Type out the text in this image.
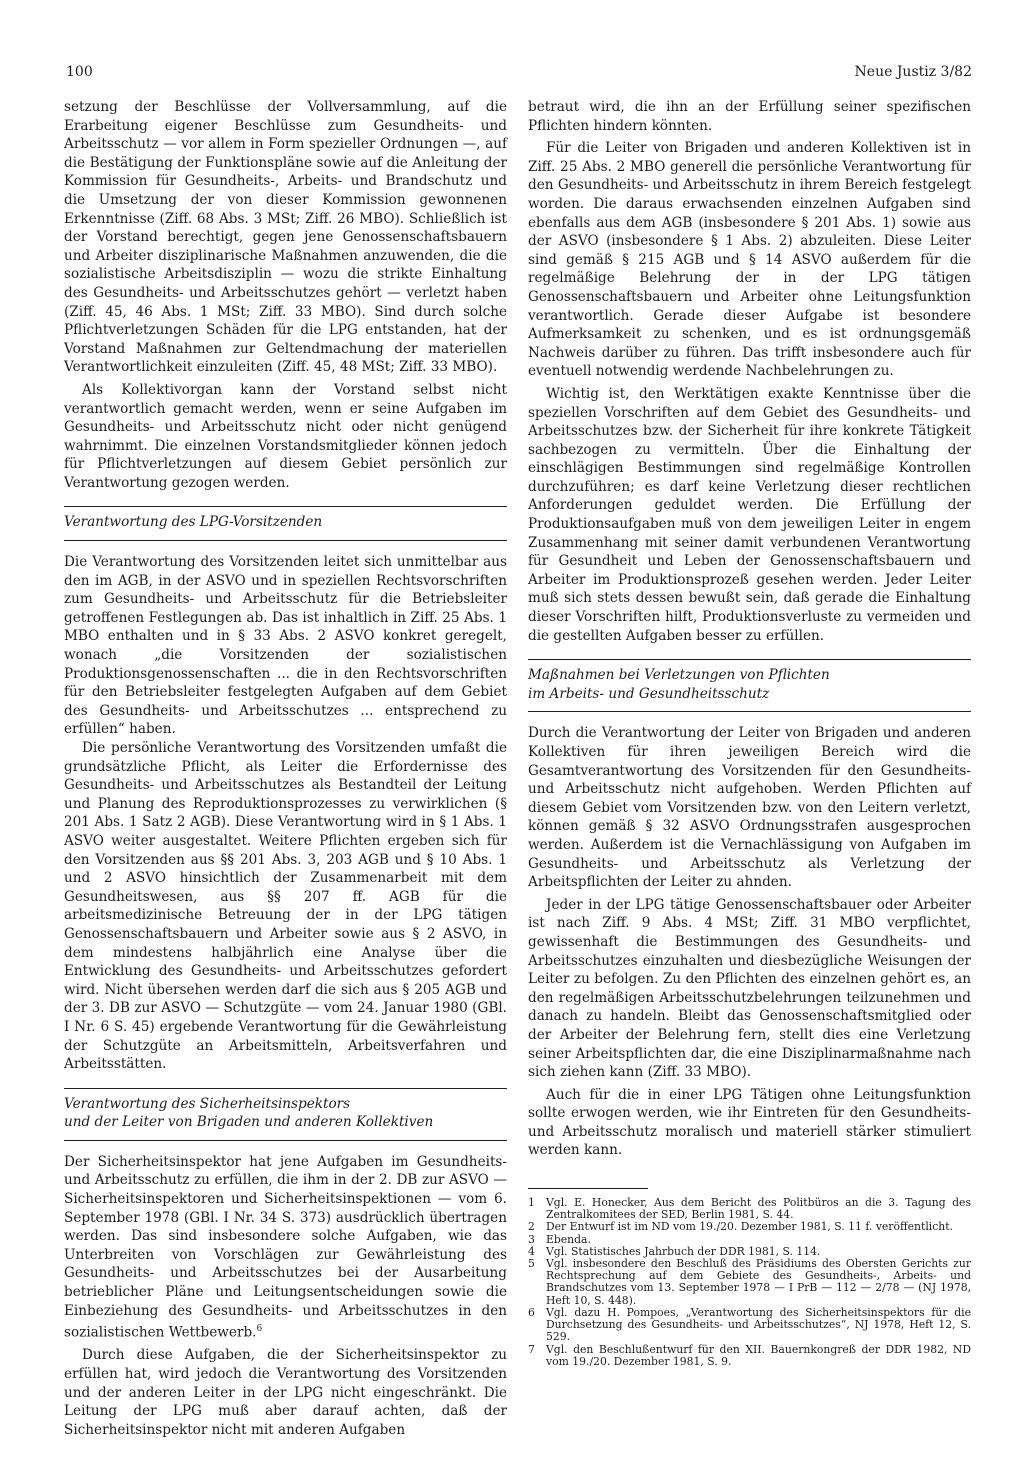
100	Neue Justiz 3/82

setzung der Beschlüsse der Vollversammlung, auf die Erarbeitung eigener Beschlüsse zum Gesundheits- und Arbeitsschutz — vor allem in Form spezieller Ordnungen —, auf die Bestätigung der Funktionspläne sowie auf die Anleitung der Kommission für Gesundheits-, Arbeits- und Brandschutz und die Umsetzung der von dieser Kommission gewonnenen Erkenntnisse (Ziff. 68 Abs. 3 MSt; Ziff. 26 MBO). Schließlich ist der Vorstand berechtigt, gegen jene Genossenschaftsbauern und Arbeiter disziplinarische Maßnahmen anzuwenden, die die sozialistische Arbeitsdisziplin — wozu die strikte Einhaltung des Gesundheits- und Arbeitsschutzes gehört — verletzt haben (Ziff. 45, 46 Abs. 1 MSt; Ziff. 33 MBO). Sind durch solche Pflichtverletzungen Schäden für die LPG entstanden, hat der Vorstand Maßnahmen zur Geltendmachung der materiellen Verantwortlichkeit einzuleiten (Ziff. 45, 48 MSt; Ziff. 33 MBO).

Als Kollektivorgan kann der Vorstand selbst nicht verantwortlich gemacht werden, wenn er seine Aufgaben im Gesundheits- und Arbeitsschutz nicht oder nicht genügend wahrnimmt. Die einzelnen Vorstandsmitglieder können jedoch für Pflichtverletzungen auf diesem Gebiet persönlich zur Verantwortung gezogen werden.

Verantwortung des LPG-Vorsitzenden

Die Verantwortung des Vorsitzenden leitet sich unmittelbar aus den im AGB, in der ASVO und in speziellen Rechtsvorschriften zum Gesundheits- und Arbeitsschutz für die Betriebsleiter getroffenen Festlegungen ab. Das ist inhaltlich in Ziff. 25 Abs. 1 MBO enthalten und in § 33 Abs. 2 ASVO konkret geregelt, wonach „die Vorsitzenden der sozialistischen Produktionsgenossenschaften ... die in den Rechtsvorschriften für den Betriebsleiter festgelegten Aufgaben auf dem Gebiet des Gesundheits- und Arbeitsschutzes ... entsprechend zu erfüllen“ haben.

Die persönliche Verantwortung des Vorsitzenden umfaßt die grundsätzliche Pflicht, als Leiter die Erfordernisse des Gesundheits- und Arbeitsschutzes als Bestandteil der Leitung und Planung des Reproduktionsprozesses zu verwirklichen (§ 201 Abs. 1 Satz 2 AGB). Diese Verantwortung wird in § 1 Abs. 1 ASVO weiter ausgestaltet. Weitere Pflichten ergeben sich für den Vorsitzenden aus §§ 201 Abs. 3, 203 AGB und § 10 Abs. 1 und 2 ASVO hinsichtlich der Zusammenarbeit mit dem Gesundheitswesen, aus §§ 207 ff. AGB für die arbeitsmedizinische Betreuung der in der LPG tätigen Genossenschaftsbauern und Arbeiter sowie aus § 2 ASVO, in dem mindestens halbjährlich eine Analyse über die Entwicklung des Gesundheits- und Arbeitsschutzes gefordert wird. Nicht übersehen werden darf die sich aus § 205 AGB und der 3. DB zur ASVO — Schutzgüte — vom 24. Januar 1980 (GBl. I Nr. 6 S. 45) ergebende Verantwortung für die Gewährleistung der Schutzgüte an Arbeitsmitteln, Arbeitsverfahren und Arbeitsstätten.

Verantwortung des Sicherheitsinspektors
und der Leiter von Brigaden und anderen Kollektiven

Der Sicherheitsinspektor hat jene Aufgaben im Gesundheits- und Arbeitsschutz zu erfüllen, die ihm in der 2. DB zur ASVO — Sicherheitsinspektoren und Sicherheitsinspektionen — vom 6. September 1978 (GBl. I Nr. 34 S. 373) ausdrücklich übertragen werden. Das sind insbesondere solche Aufgaben, wie das Unterbreiten von Vorschlägen zur Gewährleistung des Gesundheits- und Arbeitsschutzes bei der Ausarbeitung betrieblicher Pläne und Leitungsentscheidungen sowie die Einbeziehung des Gesundheits- und Arbeitsschutzes in den sozialistischen Wettbewerb.$^6$

Durch diese Aufgaben, die der Sicherheitsinspektor zu erfüllen hat, wird jedoch die Verantwortung des Vorsitzenden und der anderen Leiter in der LPG nicht eingeschränkt. Die Leitung der LPG muß aber darauf achten, daß der Sicherheitsinspektor nicht mit anderen Aufgaben

betraut wird, die ihn an der Erfüllung seiner spezifischen Pflichten hindern könnten.

Für die Leiter von Brigaden und anderen Kollektiven ist in Ziff. 25 Abs. 2 MBO generell die persönliche Verantwortung für den Gesundheits- und Arbeitsschutz in ihrem Bereich festgelegt worden. Die daraus erwachsenden einzelnen Aufgaben sind ebenfalls aus dem AGB (insbesondere § 201 Abs. 1) sowie aus der ASVO (insbesondere § 1 Abs. 2) abzuleiten. Diese Leiter sind gemäß § 215 AGB und § 14 ASVO außerdem für die regelmäßige Belehrung der in der LPG tätigen Genossenschaftsbauern und Arbeiter ohne Leitungsfunktion verantwortlich. Gerade dieser Aufgabe ist besondere Aufmerksamkeit zu schenken, und es ist ordnungsgemäß Nachweis darüber zu führen. Das trifft insbesondere auch für eventuell notwendig werdende Nachbelehrungen zu.

Wichtig ist, den Werktätigen exakte Kenntnisse über die speziellen Vorschriften auf dem Gebiet des Gesundheits- und Arbeitsschutzes bzw. der Sicherheit für ihre konkrete Tätigkeit sachbezogen zu vermitteln. Über die Einhaltung der einschlägigen Bestimmungen sind regelmäßige Kontrollen durchzuführen; es darf keine Verletzung dieser rechtlichen Anforderungen geduldet werden. Die Erfüllung der Produktionsaufgaben muß von dem jeweiligen Leiter in engem Zusammenhang mit seiner damit verbundenen Verantwortung für Gesundheit und Leben der Genossenschaftsbauern und Arbeiter im Produktionsprozeß gesehen werden. Jeder Leiter muß sich stets dessen bewußt sein, daß gerade die Einhaltung dieser Vorschriften hilft, Produktionsverluste zu vermeiden und die gestellten Aufgaben besser zu erfüllen.

Maßnahmen bei Verletzungen von Pflichten
im Arbeits- und Gesundheitsschutz

Durch die Verantwortung der Leiter von Brigaden und anderen Kollektiven für ihren jeweiligen Bereich wird die Gesamtverantwortung des Vorsitzenden für den Gesundheits- und Arbeitsschutz nicht aufgehoben. Werden Pflichten auf diesem Gebiet vom Vorsitzenden bzw. von den Leitern verletzt, können gemäß § 32 ASVO Ordnungsstrafen ausgesprochen werden. Außerdem ist die Vernachlässigung von Aufgaben im Gesundheits- und Arbeitsschutz als Verletzung der Arbeitspflichten der Leiter zu ahnden.

Jeder in der LPG tätige Genossenschaftsbauer oder Arbeiter ist nach Ziff. 9 Abs. 4 MSt; Ziff. 31 MBO verpflichtet, gewissenhaft die Bestimmungen des Gesundheits- und Arbeitsschutzes einzuhalten und diesbezügliche Weisungen der Leiter zu befolgen. Zu den Pflichten des einzelnen gehört es, an den regelmäßigen Arbeitsschutzbelehrungen teilzunehmen und danach zu handeln. Bleibt das Genossenschaftsmitglied oder der Arbeiter der Belehrung fern, stellt dies eine Verletzung seiner Arbeitspflichten dar, die eine Disziplinarmaßnahme nach sich ziehen kann (Ziff. 33 MBO).

Auch für die in einer LPG Tätigen ohne Leitungsfunktion sollte erwogen werden, wie ihr Eintreten für den Gesundheits- und Arbeitsschutz moralisch und materiell stärker stimuliert werden kann.

1	Vgl. E. Honecker, Aus dem Bericht des Politbüros an die 3. Tagung des Zentralkomitees der SED, Berlin 1981, S. 44.
2	Der Entwurf ist im ND vom 19./20. Dezember 1981, S. 11 f. veröffentlicht.
3	Ebenda.
4	Vgl. Statistisches Jahrbuch der DDR 1981, S. 114.
5	Vgl. insbesondere den Beschluß des Präsidiums des Obersten Gerichts zur Rechtsprechung auf dem Gebiete des Gesundheits-, Arbeits- und Brandschutzes vom 13. September 1978 — I PrB — 112 — 2/78 — (NJ 1978, Heft 10, S. 448).
6	Vgl. dazu H. Pompoes, „Verantwortung des Sicherheitsinspektors für die Durchsetzung des Gesundheits- und Arbeitsschutzes“, NJ 1978, Heft 12, S. 529.
7	Vgl. den Beschlußentwurf für den XII. Bauernkongreß der DDR 1982, ND vom 19./20. Dezember 1981, S. 9.
